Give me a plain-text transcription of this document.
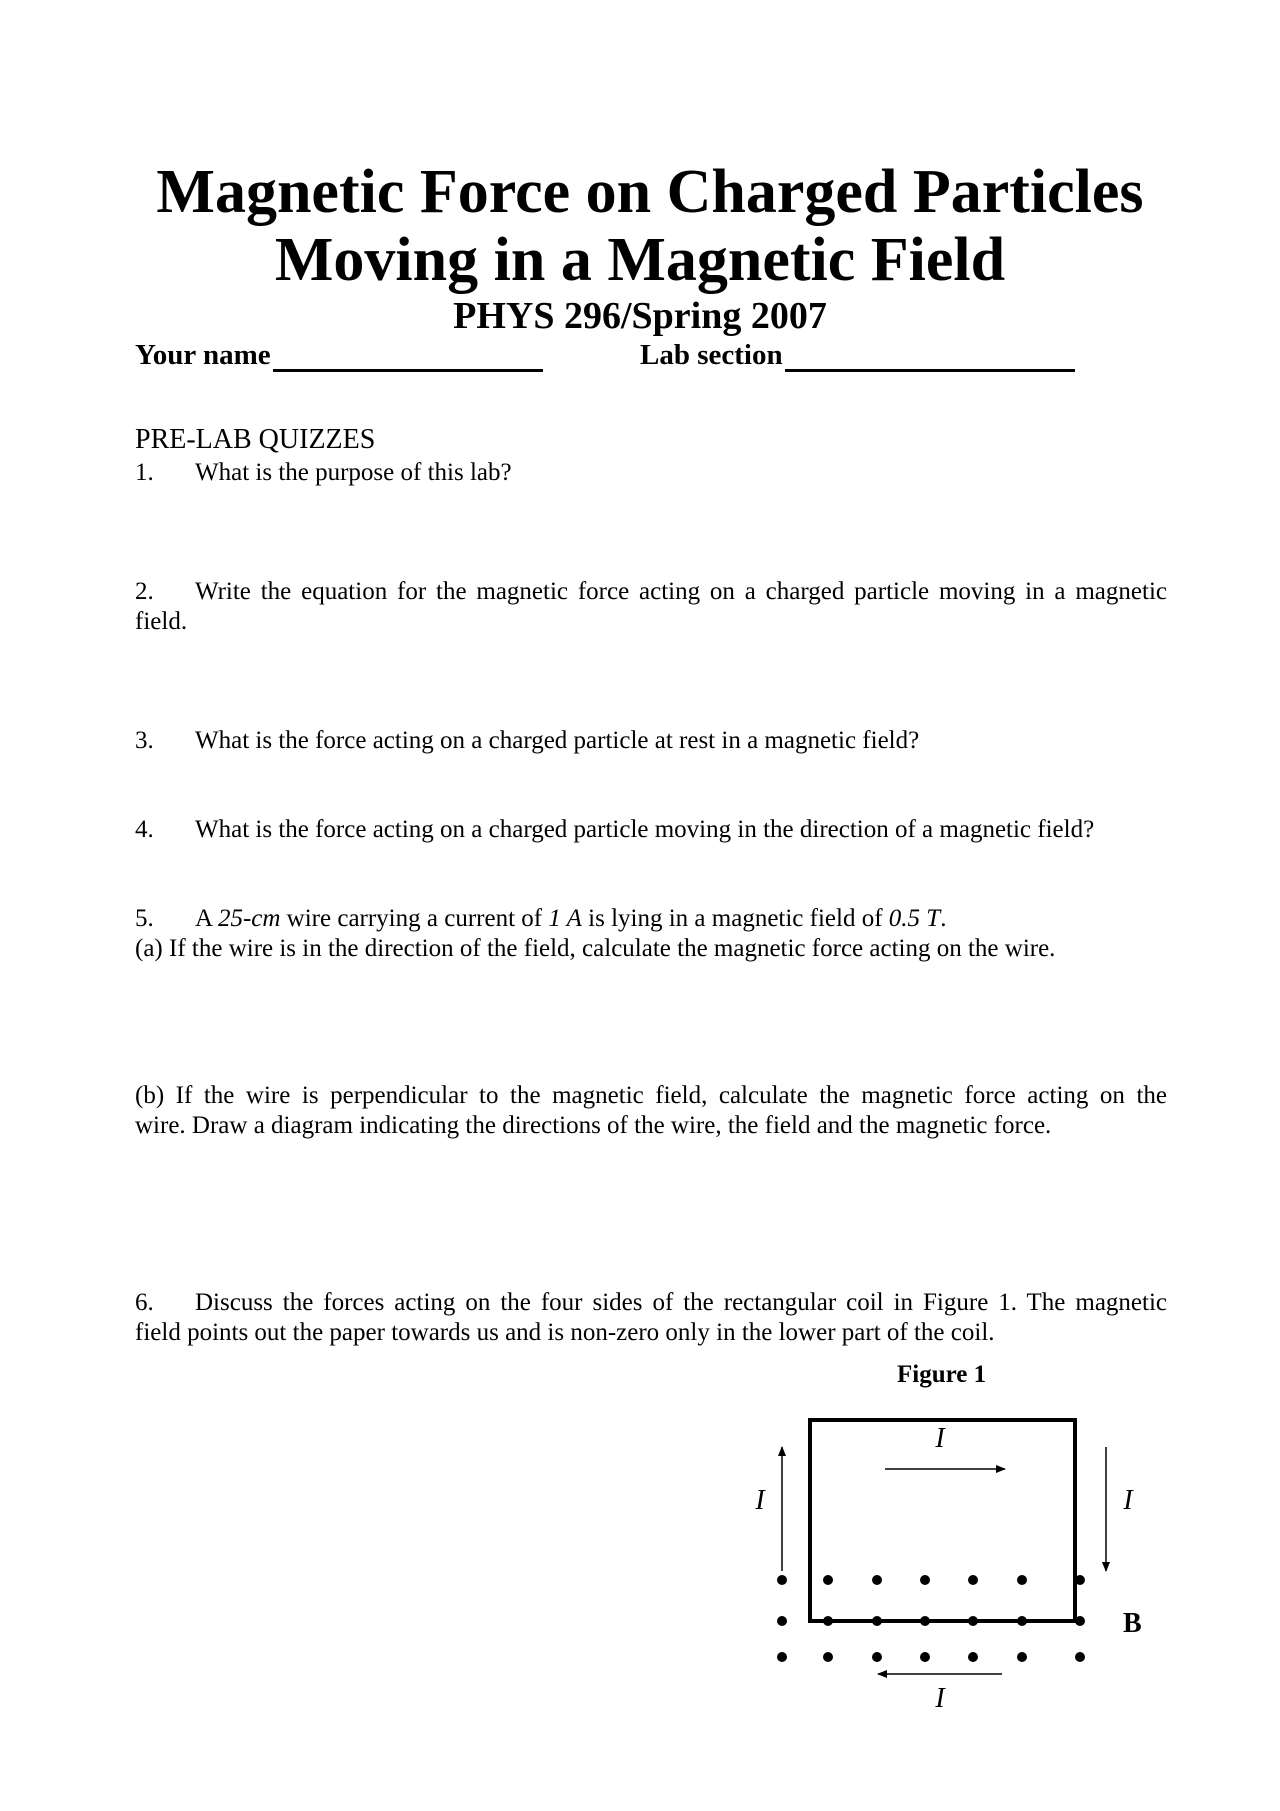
Magnetic Force on Charged Particles
Moving in a Magnetic Field
PHYS 296/Spring 2007
Your name	Lab section
PRE-LAB QUIZZES
1. What is the purpose of this lab?
2. Write the equation for the magnetic force acting on a charged particle moving in a magnetic
field.
3. What is the force acting on a charged particle at rest in a magnetic field?
4. What is the force acting on a charged particle moving in the direction of a magnetic field?
5. A 25-cm wire carrying a current of 1 A is lying in a magnetic field of 0.5 T.
(a) If the wire is in the direction of the field, calculate the magnetic force acting on the wire.
(b) If the wire is perpendicular to the magnetic field, calculate the magnetic force acting on the
wire. Draw a diagram indicating the directions of the wire, the field and the magnetic force.
6. Discuss the forces acting on the four sides of the rectangular coil in Figure 1. The magnetic
field points out the paper towards us and is non-zero only in the lower part of the coil.
Figure 1
I
I	I
I
B
